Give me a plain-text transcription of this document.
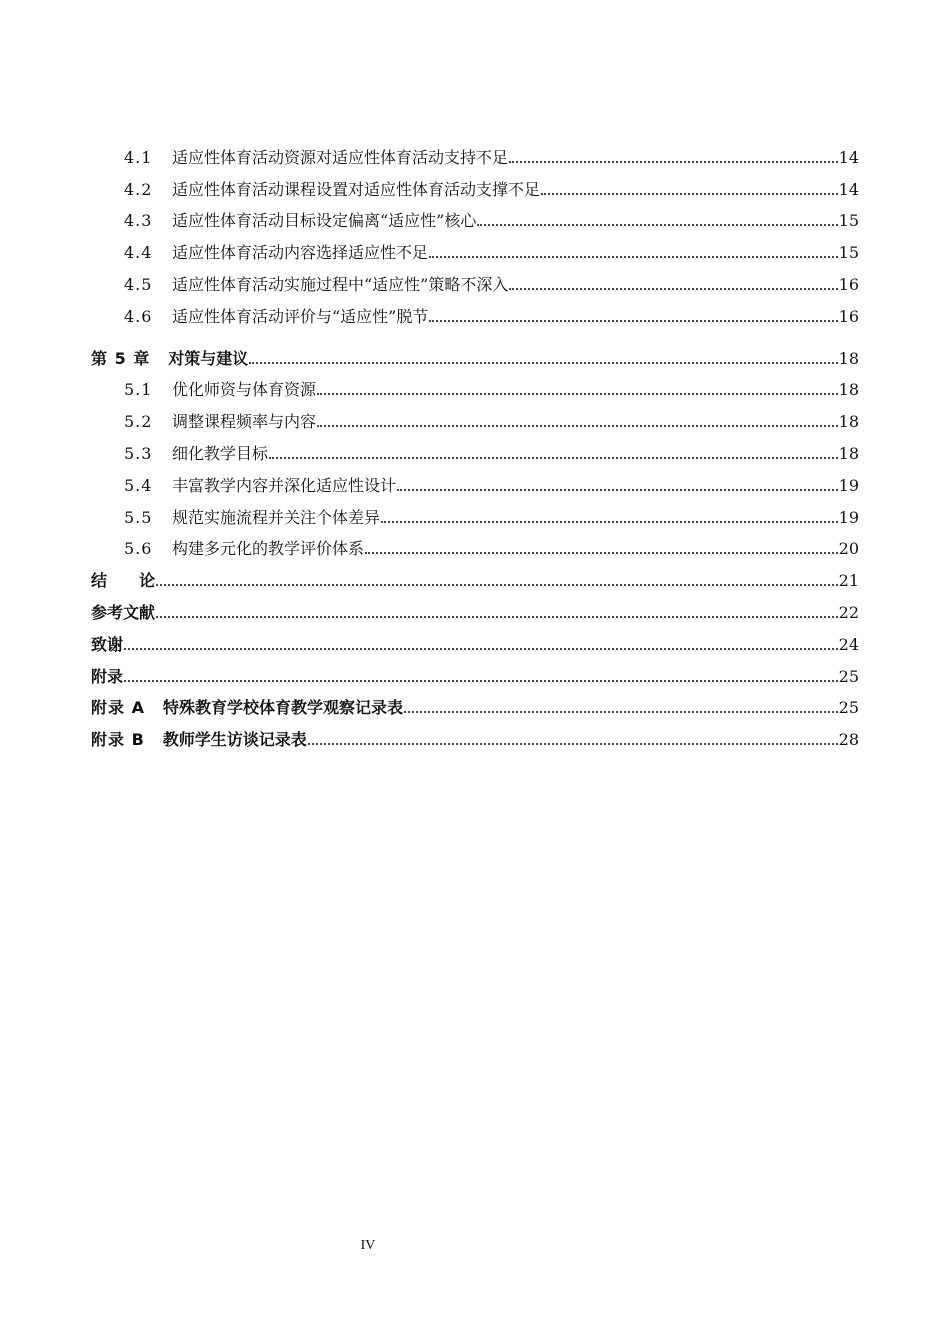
4.1	适应性体育活动资源对适应性体育活动支持不足	14
4.2	适应性体育活动课程设置对适应性体育活动支撑不足	14
4.3	适应性体育活动目标设定偏离“适应性”核心	15
4.4	适应性体育活动内容选择适应性不足	15
4.5	适应性体育活动实施过程中“适应性”策略不深入	16
4.6	适应性体育活动评价与“适应性”脱节	16
第 5 章 对策与建议	18
5.1	优化师资与体育资源	18
5.2	调整课程频率与内容	18
5.3	细化教学目标	18
5.4	丰富教学内容并深化适应性设计	19
5.5	规范实施流程并关注个体差异	19
5.6	构建多元化的教学评价体系	20
结　　论	21
参考文献	22
致谢	24
附录	25
附录 A 特殊教育学校体育教学观察记录表	25
附录 B 教师学生访谈记录表	28
IV
